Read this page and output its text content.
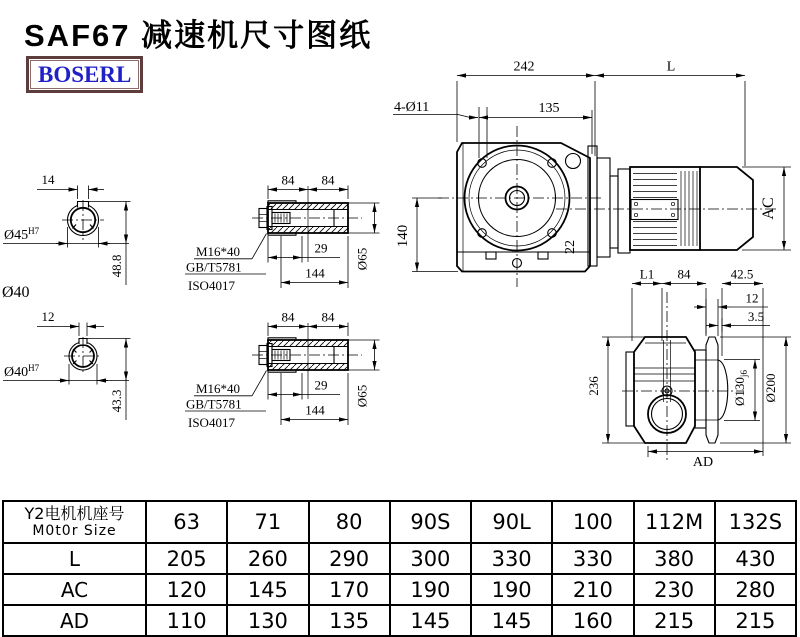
SAF67 减速机尺寸图纸
BOSERL
14
$Ø45^{H7}$
48.8
Ø40
12
$Ø40^{H7}$
43.3
84 84
Ø65
29
144
M16*40
GB/T5781
ISO4017
84 84
Ø65
29
144
M16*40
GB/T5781
ISO4017
242	L
4-Ø11	135
140	22
AC
L1 84	42.5
12
3.5
236	$Ø130_{j6}$ Ø200
AD
Y2电机机座号
M0t0r Size	63	71	80	90S	90L	100	112M	132S
L	205	260	290	300	330	330	380	430
AC	120	145	170	190	190	210	230	280
AD	110	130	135	145	145	160	215	215
